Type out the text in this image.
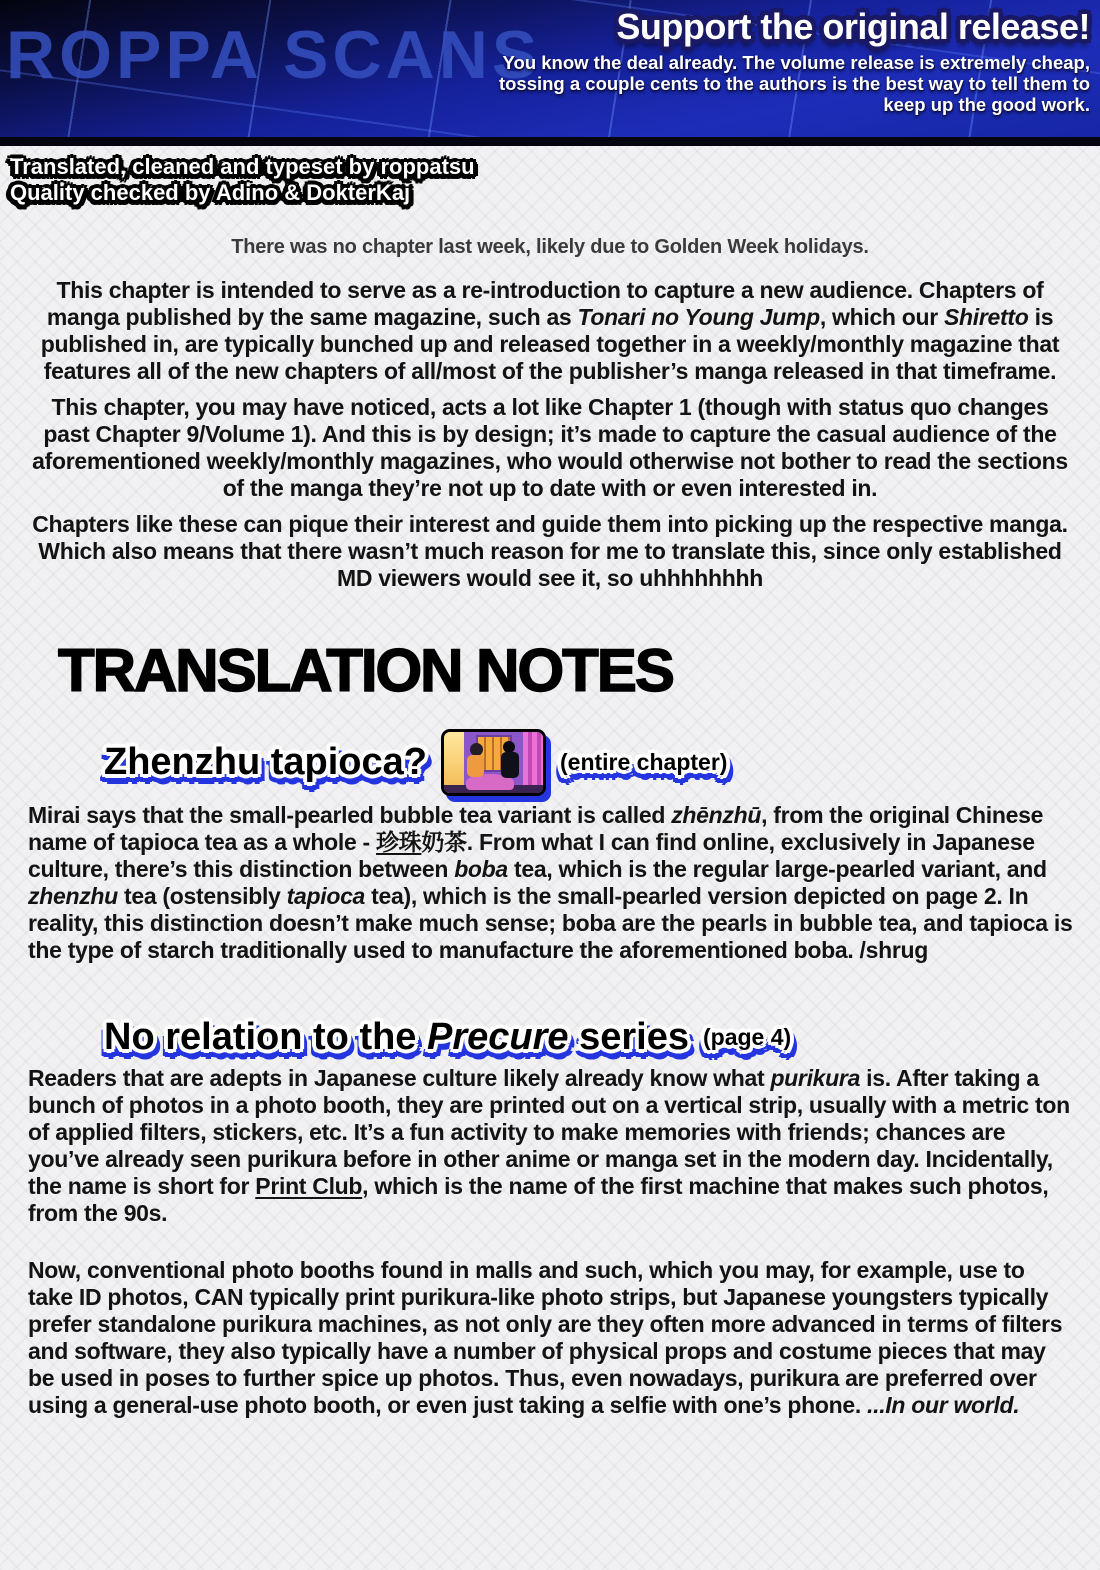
ROPPA SCANS Support the original release!
You know the deal already. The volume release is extremely cheap,
tossing a couple cents to the authors is the best way to tell them to
keep up the good work.
Translated, cleaned and typeset by roppatsu
Quality checked by Adino & DokterKaj
There was no chapter last week, likely due to Golden Week holidays.

This chapter is intended to serve as a re-introduction to capture a new audience. Chapters of manga published by the same magazine, such as Tonari no Young Jump, which our Shiretto is published in, are typically bunched up and released together in a weekly/monthly magazine that features all of the new chapters of all/most of the publisher’s manga released in that timeframe.

This chapter, you may have noticed, acts a lot like Chapter 1 (though with status quo changes past Chapter 9/Volume 1). And this is by design; it’s made to capture the casual audience of the aforementioned weekly/monthly magazines, who would otherwise not bother to read the sections of the manga they’re not up to date with or even interested in.

Chapters like these can pique their interest and guide them into picking up the respective manga. Which also means that there wasn’t much reason for me to translate this, since only established MD viewers would see it, so uhhhhhhhh

TRANSLATION NOTES
Zhenzhu tapioca?	(entire chapter)

Mirai says that the small-pearled bubble tea variant is called zhēnzhū, from the original Chinese name of tapioca tea as a whole - 珍珠奶茶. From what I can find online, exclusively in Japanese culture, there’s this distinction between boba tea, which is the regular large-pearled variant, and zhenzhu tea (ostensibly tapioca tea), which is the small-pearled version depicted on page 2. In reality, this distinction doesn’t make much sense; boba are the pearls in bubble tea, and tapioca is the type of starch traditionally used to manufacture the aforementioned boba. /shrug

No relation to the Precure series (page 4)

Readers that are adepts in Japanese culture likely already know what purikura is. After taking a bunch of photos in a photo booth, they are printed out on a vertical strip, usually with a metric ton of applied filters, stickers, etc. It’s a fun activity to make memories with friends; chances are you’ve already seen purikura before in other anime or manga set in the modern day. Incidentally, the name is short for Print Club, which is the name of the first machine that makes such photos, from the 90s.

Now, conventional photo booths found in malls and such, which you may, for example, use to take ID photos, CAN typically print purikura-like photo strips, but Japanese youngsters typically prefer standalone purikura machines, as not only are they often more advanced in terms of filters and software, they also typically have a number of physical props and costume pieces that may be used in poses to further spice up photos. Thus, even nowadays, purikura are preferred over using a general-use photo booth, or even just taking a selfie with one’s phone. ...In our world.
